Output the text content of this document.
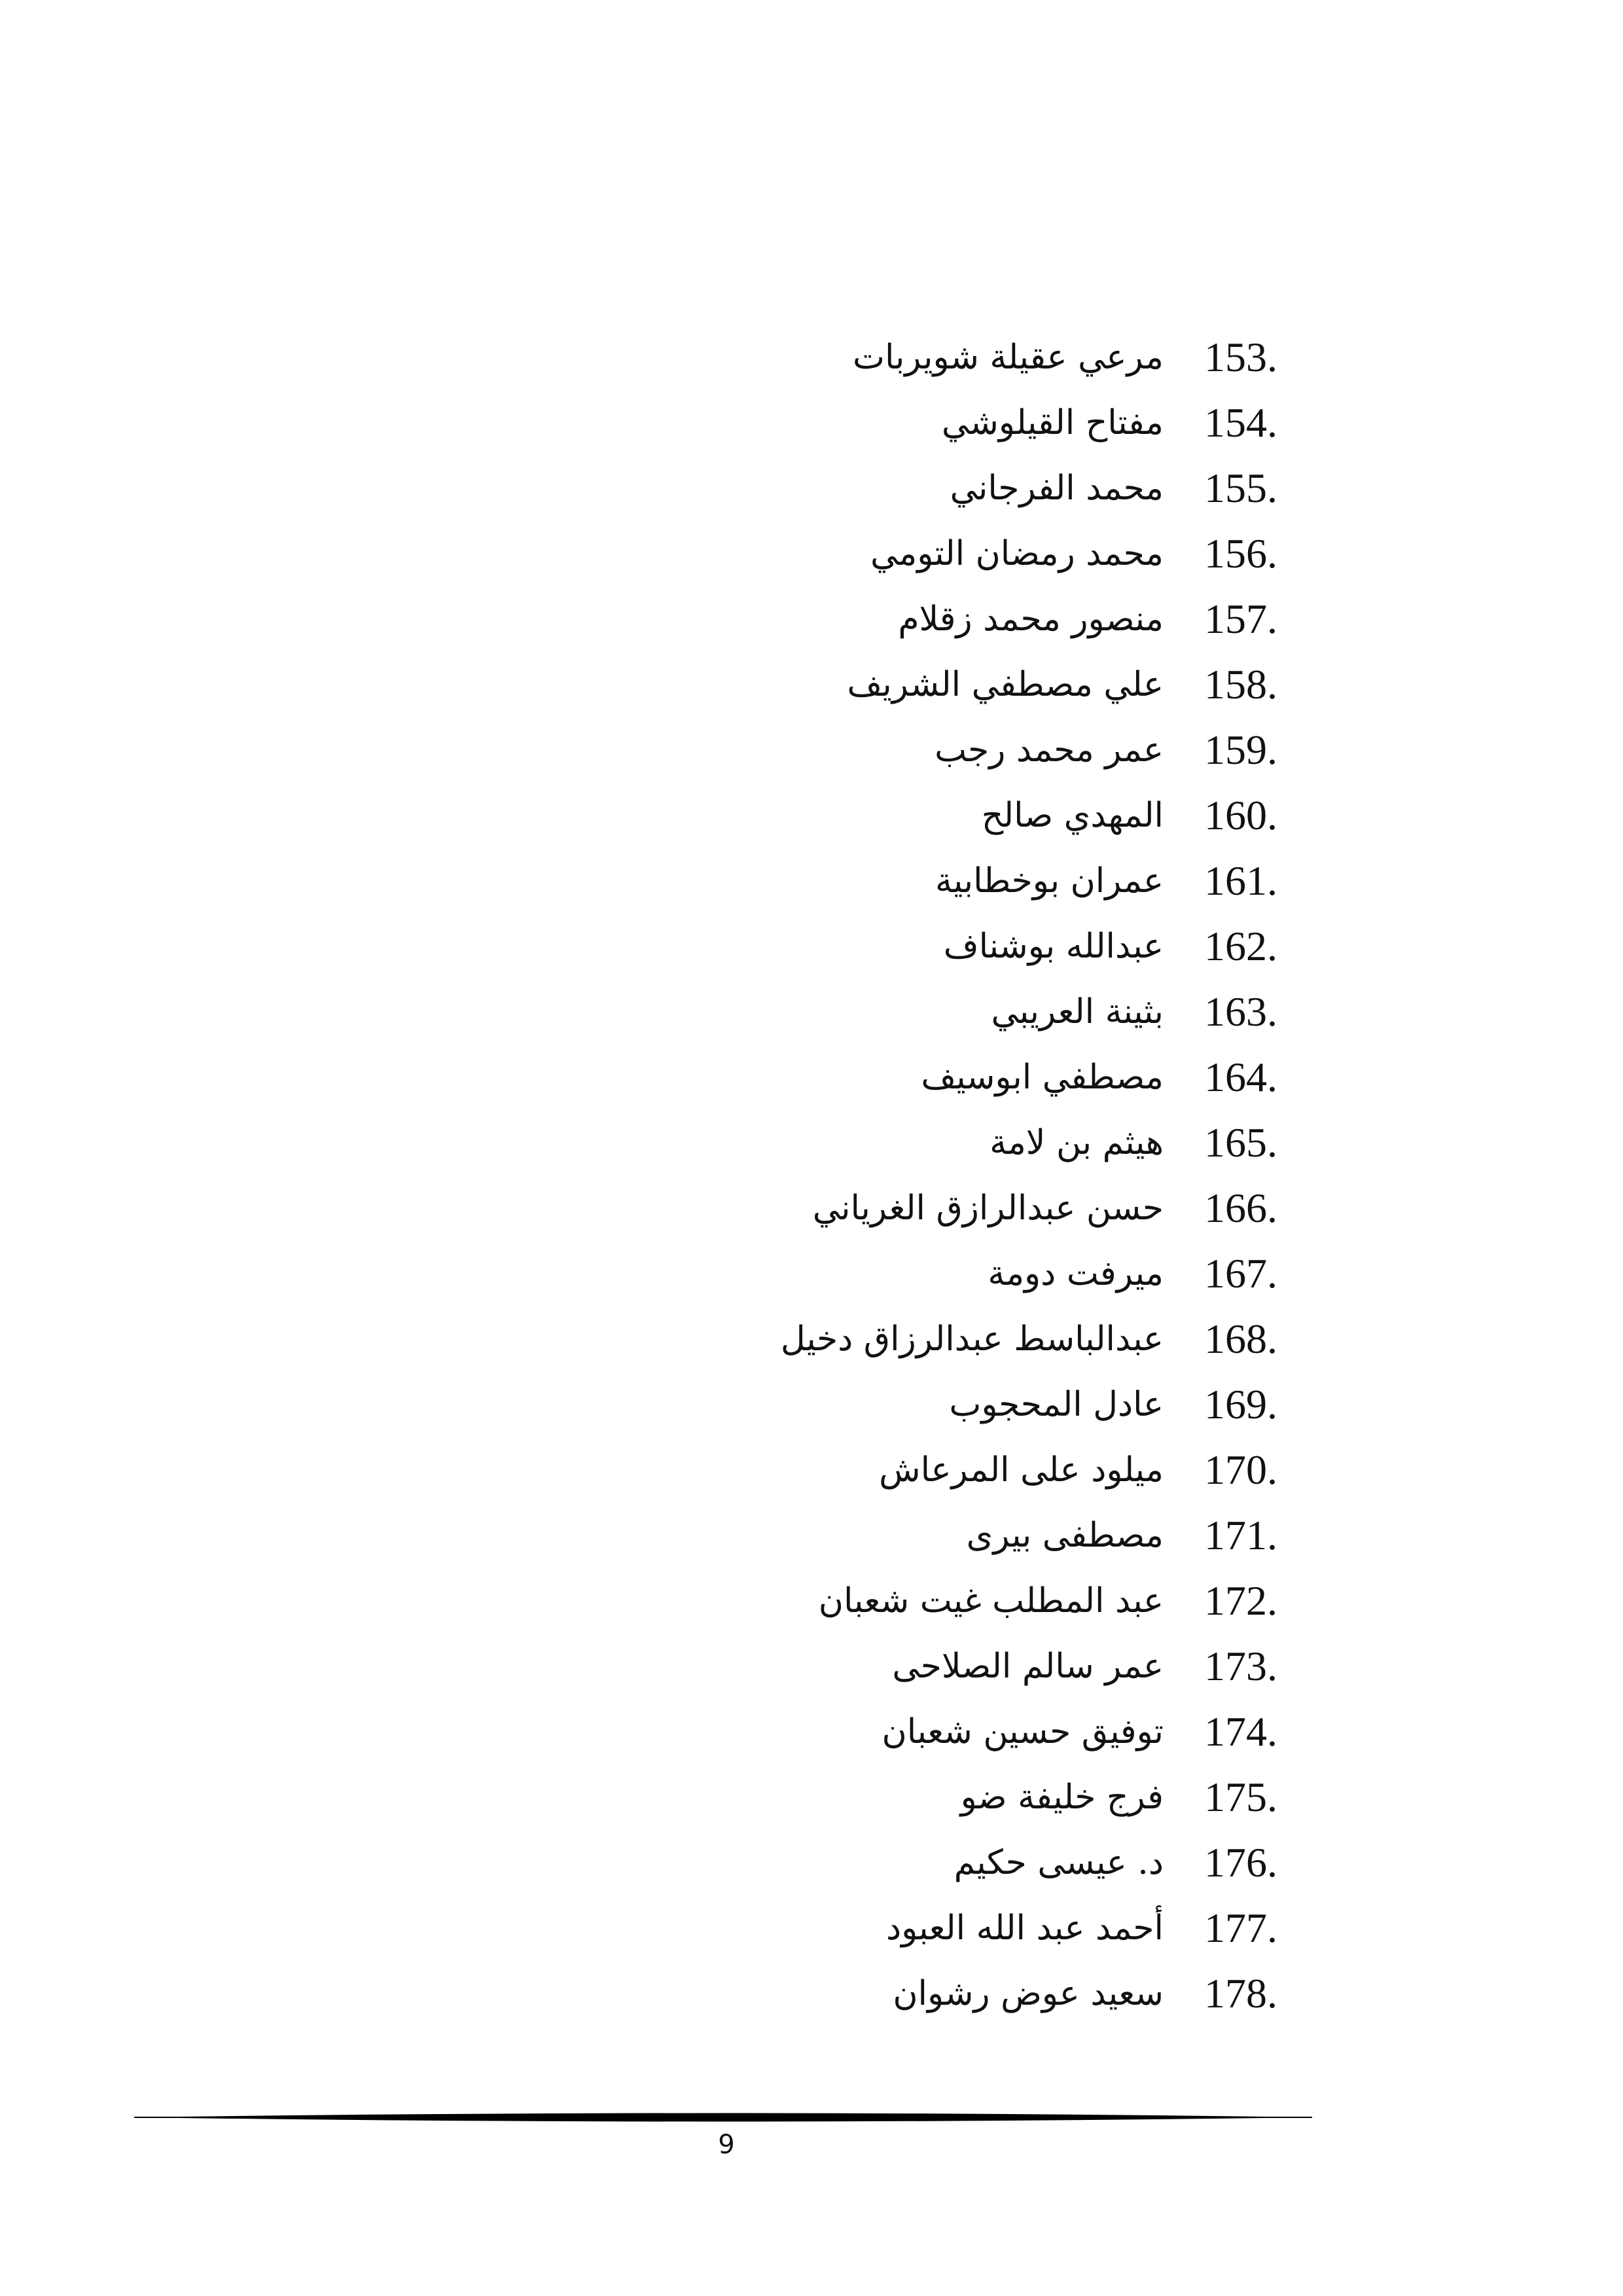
مرعي عقيلة شويربات 153.
مفتاح القيلوشي 154.
محمد الفرجاني 155.
محمد رمضان التومي 156.
منصور محمد زقلام 157.
علي مصطفي الشريف 158.
عمر محمد رجب 159.
المهدي صالح 160.
عمران بوخطابية 161.
عبدالله بوشناف 162.
بثينة العريبي 163.
مصطفي ابوسيف 164.
هيثم بن لامة 165.
حسن عبدالرازق الغرياني 166.
ميرفت دومة 167.
عبدالباسط عبدالرزاق دخيل 168.
عادل المحجوب 169.
ميلود على المرعاش 170.
مصطفى بيرى 171.
عبد المطلب غيت شعبان 172.
عمر سالم الصلاحى 173.
توفيق حسين شعبان 174.
فرج خليفة ضو 175.
د. عيسى حكيم 176.
أحمد عبد الله العبود 177.
سعيد عوض رشوان 178.
9
